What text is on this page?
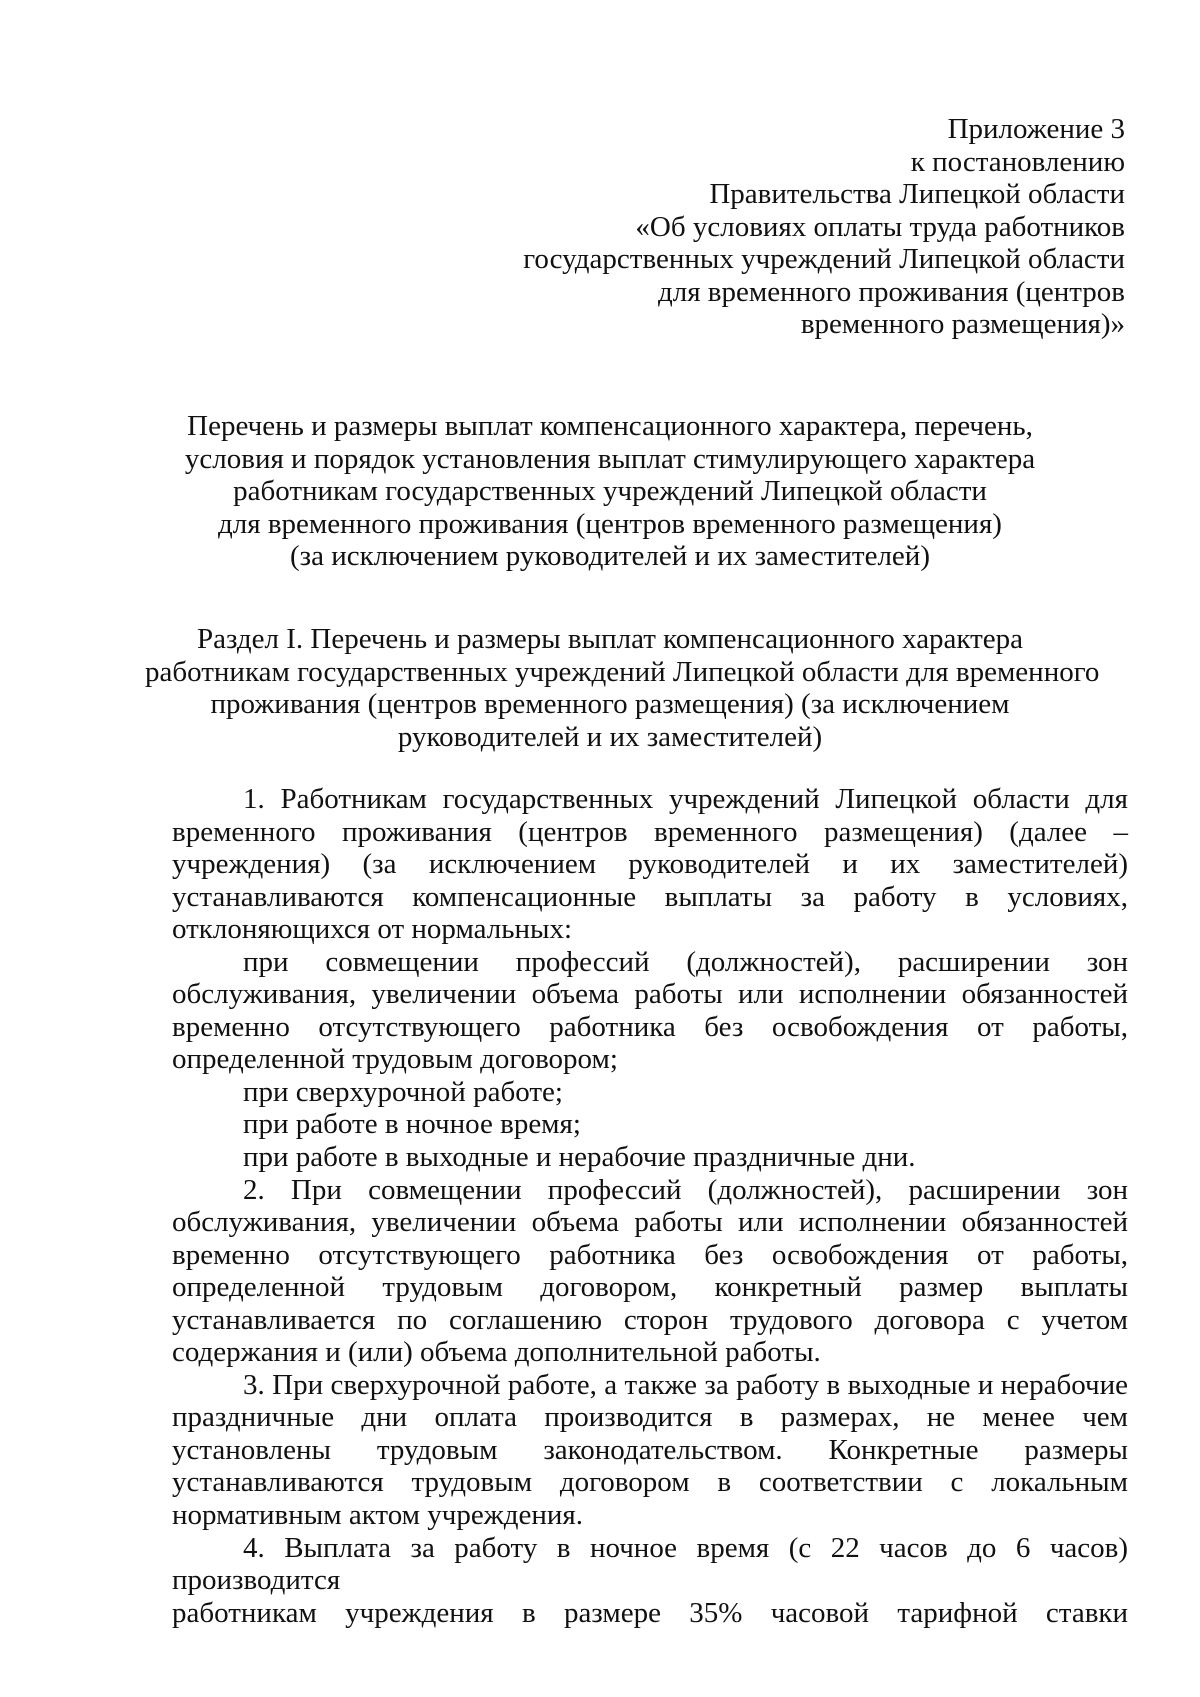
Приложение 3
к постановлению
Правительства Липецкой области
«Об условиях оплаты труда работников
государственных учреждений Липецкой области
для временного проживания (центров
временного размещения)»
Перечень и размеры выплат компенсационного характера, перечень,
условия и порядок установления выплат стимулирующего характера
работникам государственных учреждений Липецкой области
для временного проживания (центров временного размещения)
(за исключением руководителей и их заместителей)
Раздел I. Перечень и размеры выплат компенсационного характера
работникам государственных учреждений Липецкой области для временного
проживания (центров временного размещения) (за исключением
руководителей и их заместителей)

1. Работникам государственных учреждений Липецкой области для временного проживания (центров временного размещения) (далее – учреждения) (за исключением руководителей и их заместителей) устанавливаются компенсационные выплаты за работу в условиях, отклоняющихся от нормальных:

при совмещении профессий (должностей), расширении зон обслуживания, увеличении объема работы или исполнении обязанностей временно отсутствующего работника без освобождения от работы, определенной трудовым договором;

при сверхурочной работе;

при работе в ночное время;

при работе в выходные и нерабочие праздничные дни.

2. При совмещении профессий (должностей), расширении зон обслуживания, увеличении объема работы или исполнении обязанностей временно отсутствующего работника без освобождения от работы, определенной трудовым договором, конкретный размер выплаты устанавливается по соглашению сторон трудового договора с учетом содержания и (или) объема дополнительной работы.

3. При сверхурочной работе, а также за работу в выходные и нерабочие праздничные дни оплата производится в размерах, не менее чем установлены трудовым законодательством. Конкретные размеры устанавливаются трудовым договором в соответствии с локальным нормативным актом учреждения.

4. Выплата за работу в ночное время (с 22 часов до 6 часов) производится

работникам учреждения в размере 35% часовой тарифной ставки
